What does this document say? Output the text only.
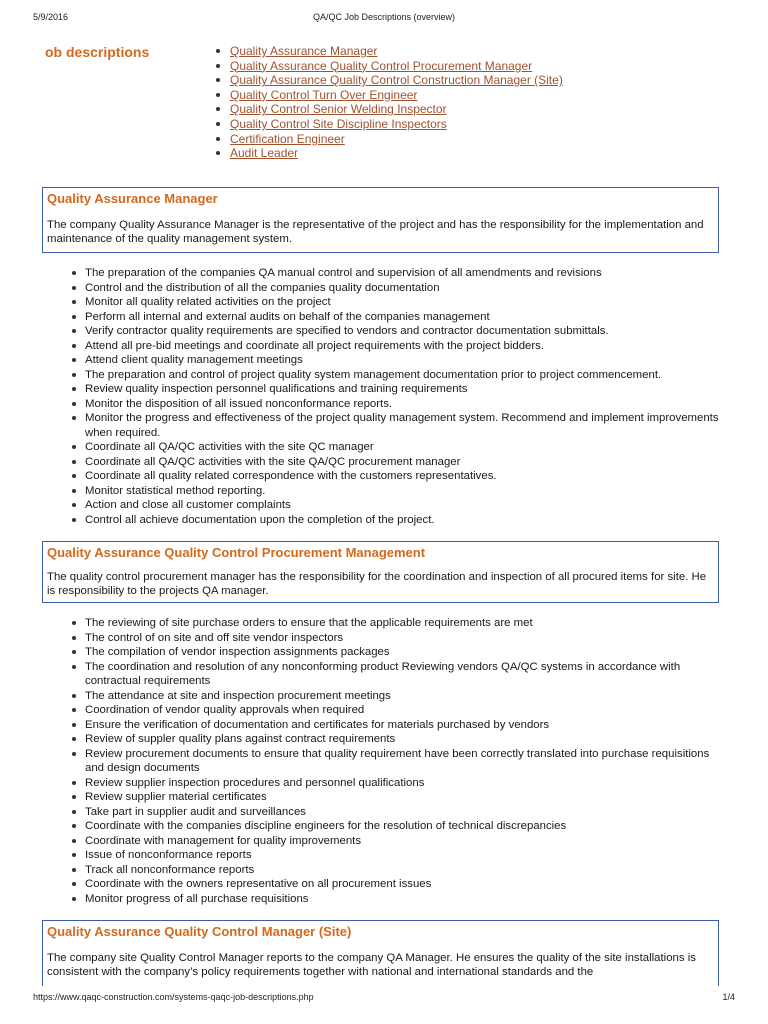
5/9/2016	QA/QC Job Descriptions (overview)
ob descriptions	Quality Assurance Manager
Quality Assurance Quality Control Procurement Manager
Quality Assurance Quality Control Construction Manager (Site)
Quality Control Turn Over Engineer
Quality Control Senior Welding Inspector
Quality Control Site Discipline Inspectors
Certification Engineer
Audit Leader
Quality Assurance Manager
The company Quality Assurance Manager is the representative of the project and has the responsibility for the implementation and maintenance of the quality management system.
The preparation of the companies QA manual control and supervision of all amendments and revisions
Control and the distribution of all the companies quality documentation
Monitor all quality related activities on the project
Perform all internal and external audits on behalf of the companies management
Verify contractor quality requirements are specified to vendors and contractor documentation submittals.
Attend all pre-bid meetings and coordinate all project requirements with the project bidders.
Attend client quality management meetings
The preparation and control of project quality system management documentation prior to project commencement.
Review quality inspection personnel qualifications and training requirements
Monitor the disposition of all issued nonconformance reports.
Monitor the progress and effectiveness of the project quality management system. Recommend and implement improvements when required.
Coordinate all QA/QC activities with the site QC manager
Coordinate all QA/QC activities with the site QA/QC procurement manager
Coordinate all quality related correspondence with the customers representatives.
Monitor statistical method reporting.
Action and close all customer complaints
Control all achieve documentation upon the completion of the project.
Quality Assurance Quality Control Procurement Management
The quality control procurement manager has the responsibility for the coordination and inspection of all procured items for site. He is responsibility to the projects QA manager.
The reviewing of site purchase orders to ensure that the applicable requirements are met
The control of on site and off site vendor inspectors
The compilation of vendor inspection assignments packages
The coordination and resolution of any nonconforming product Reviewing vendors QA/QC systems in accordance with contractual requirements
The attendance at site and inspection procurement meetings
Coordination of vendor quality approvals when required
Ensure the verification of documentation and certificates for materials purchased by vendors
Review of suppler quality plans against contract requirements
Review procurement documents to ensure that quality requirement have been correctly translated into purchase requisitions and design documents
Review supplier inspection procedures and personnel qualifications
Review supplier material certificates
Take part in supplier audit and surveillances
Coordinate with the companies discipline engineers for the resolution of technical discrepancies
Coordinate with management for quality improvements
Issue of nonconformance reports
Track all nonconformance reports
Coordinate with the owners representative on all procurement issues
Monitor progress of all purchase requisitions
Quality Assurance Quality Control Manager (Site)
The company site Quality Control Manager reports to the company QA Manager. He ensures the quality of the site installations is consistent with the company’s policy requirements together with national and international standards and the
https://www.qaqc-construction.com/systems-qaqc-job-descriptions.php	1/4
